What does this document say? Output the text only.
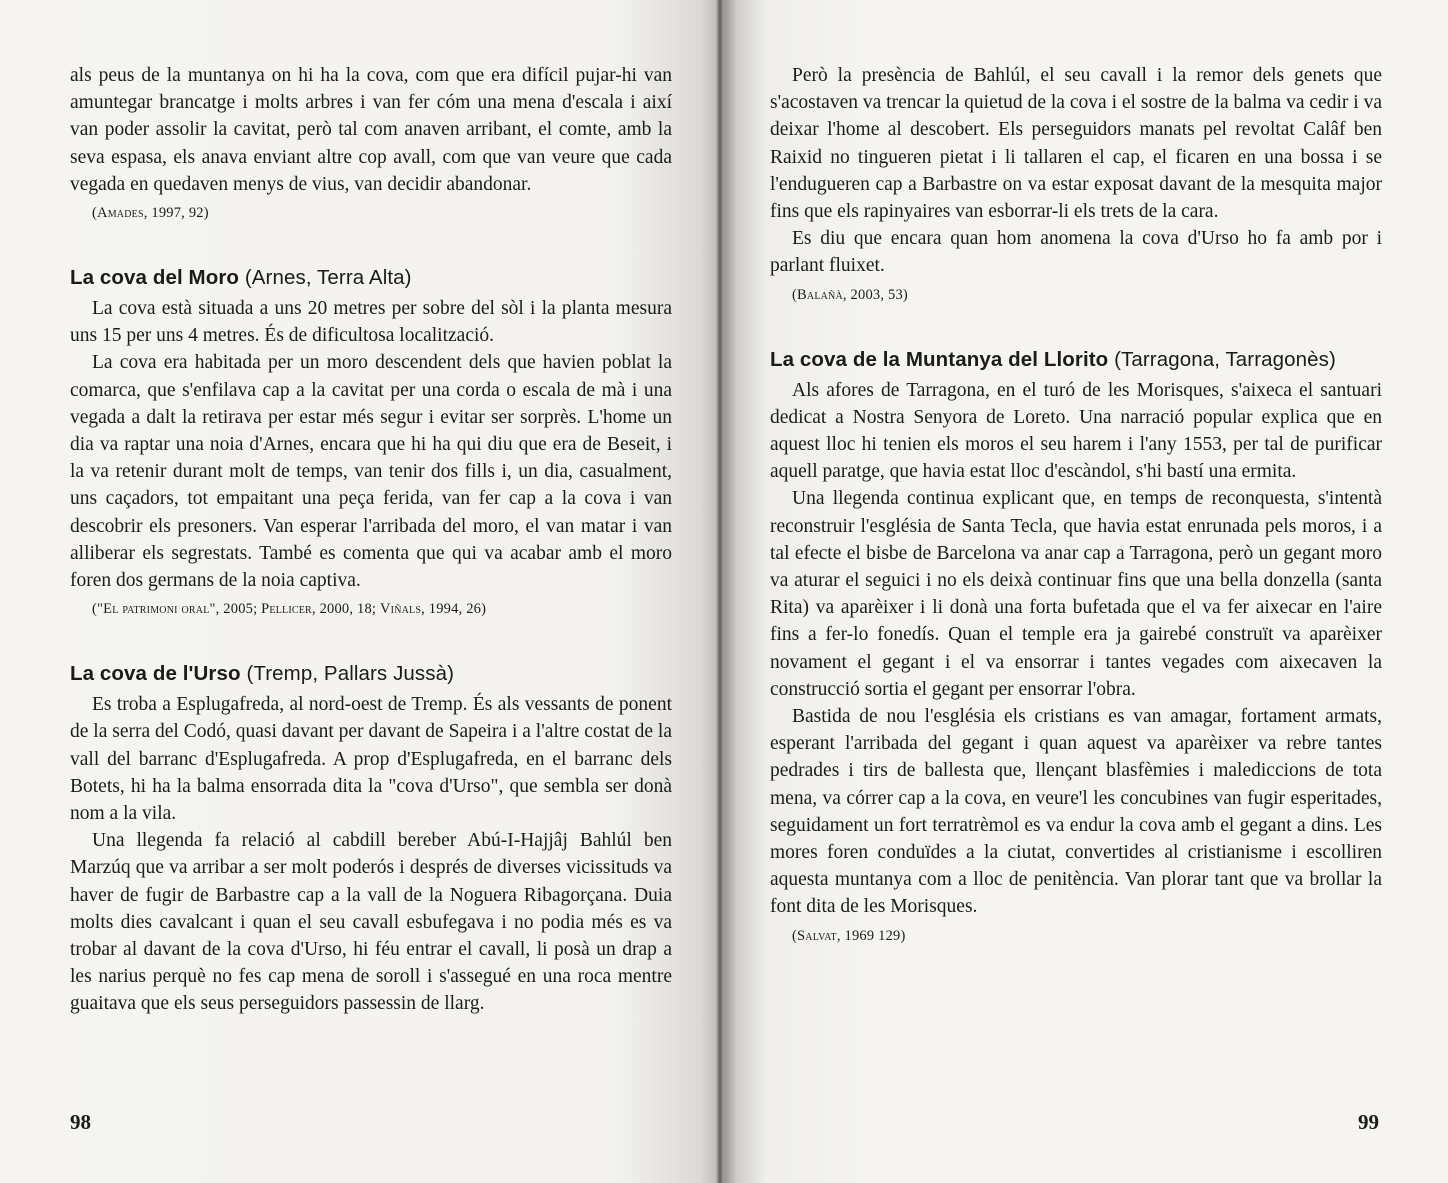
als peus de la muntanya on hi ha la cova, com que era difícil pujar-hi van amuntegar brancatge i molts arbres i van fer cóm una mena d'escala i així van poder assolir la cavitat, però tal com anaven arribant, el comte, amb la seva espasa, els anava enviant altre cop avall, com que van veure que cada vegada en quedaven menys de vius, van decidir abandonar.

(Amades, 1997, 92)
La cova del Moro (Arnes, Terra Alta)

La cova està situada a uns 20 metres per sobre del sòl i la planta mesura uns 15 per uns 4 metres. És de dificultosa localització.

La cova era habitada per un moro descendent dels que havien poblat la comarca, que s'enfilava cap a la cavitat per una corda o escala de mà i una vegada a dalt la retirava per estar més segur i evitar ser sorprès. L'home un dia va raptar una noia d'Arnes, encara que hi ha qui diu que era de Beseit, i la va retenir durant molt de temps, van tenir dos fills i, un dia, casualment, uns caçadors, tot empaitant una peça ferida, van fer cap a la cova i van descobrir els presoners. Van esperar l'arribada del moro, el van matar i van alliberar els segrestats. També es comenta que qui va acabar amb el moro foren dos germans de la noia captiva.

("El patrimoni oral", 2005; Pellicer, 2000, 18; Viñals, 1994, 26)
La cova de l'Urso (Tremp, Pallars Jussà)

Es troba a Esplugafreda, al nord-oest de Tremp. És als vessants de ponent de la serra del Codó, quasi davant per davant de Sapeira i a l'altre costat de la vall del barranc d'Esplugafreda. A prop d'Esplugafreda, en el barranc dels Botets, hi ha la balma ensorrada dita la "cova d'Urso", que sembla ser donà nom a la vila.

Una llegenda fa relació al cabdill bereber Abú-I-Hajjâj Bahlúl ben Marzúq que va arribar a ser molt poderós i després de diverses vicissituds va haver de fugir de Barbastre cap a la vall de la Noguera Ribagorçana. Duia molts dies cavalcant i quan el seu cavall esbufegava i no podia més es va trobar al davant de la cova d'Urso, hi féu entrar el cavall, li posà un drap a les narius perquè no fes cap mena de soroll i s'assegué en una roca mentre guaitava que els seus perseguidors passessin de llarg.

98

Però la presència de Bahlúl, el seu cavall i la remor dels genets que s'acostaven va trencar la quietud de la cova i el sostre de la balma va cedir i va deixar l'home al descobert. Els perseguidors manats pel revoltat Calâf ben Raixid no tingueren pietat i li tallaren el cap, el ficaren en una bossa i se l'endugueren cap a Barbastre on va estar exposat davant de la mesquita major fins que els rapinyaires van esborrar-li els trets de la cara.

Es diu que encara quan hom anomena la cova d'Urso ho fa amb por i parlant fluixet.

(Balañà, 2003, 53)
La cova de la Muntanya del Llorito (Tarragona, Tarragonès)

Als afores de Tarragona, en el turó de les Morisques, s'aixeca el santuari dedicat a Nostra Senyora de Loreto. Una narració popular explica que en aquest lloc hi tenien els moros el seu harem i l'any 1553, per tal de purificar aquell paratge, que havia estat lloc d'escàndol, s'hi bastí una ermita.

Una llegenda continua explicant que, en temps de reconquesta, s'intentà reconstruir l'església de Santa Tecla, que havia estat enrunada pels moros, i a tal efecte el bisbe de Barcelona va anar cap a Tarragona, però un gegant moro va aturar el seguici i no els deixà continuar fins que una bella donzella (santa Rita) va aparèixer i li donà una forta bufetada que el va fer aixecar en l'aire fins a fer-lo fonedís. Quan el temple era ja gairebé construït va aparèixer novament el gegant i el va ensorrar i tantes vegades com aixecaven la construcció sortia el gegant per ensorrar l'obra.

Bastida de nou l'església els cristians es van amagar, fortament armats, esperant l'arribada del gegant i quan aquest va aparèixer va rebre tantes pedrades i tirs de ballesta que, llençant blasfèmies i malediccions de tota mena, va córrer cap a la cova, en veure'l les concubines van fugir esperitades, seguidament un fort terratrèmol es va endur la cova amb el gegant a dins. Les mores foren conduïdes a la ciutat, convertides al cristianisme i escolliren aquesta muntanya com a lloc de penitència. Van plorar tant que va brollar la font dita de les Morisques.

(Salvat, 1969 129)
99
